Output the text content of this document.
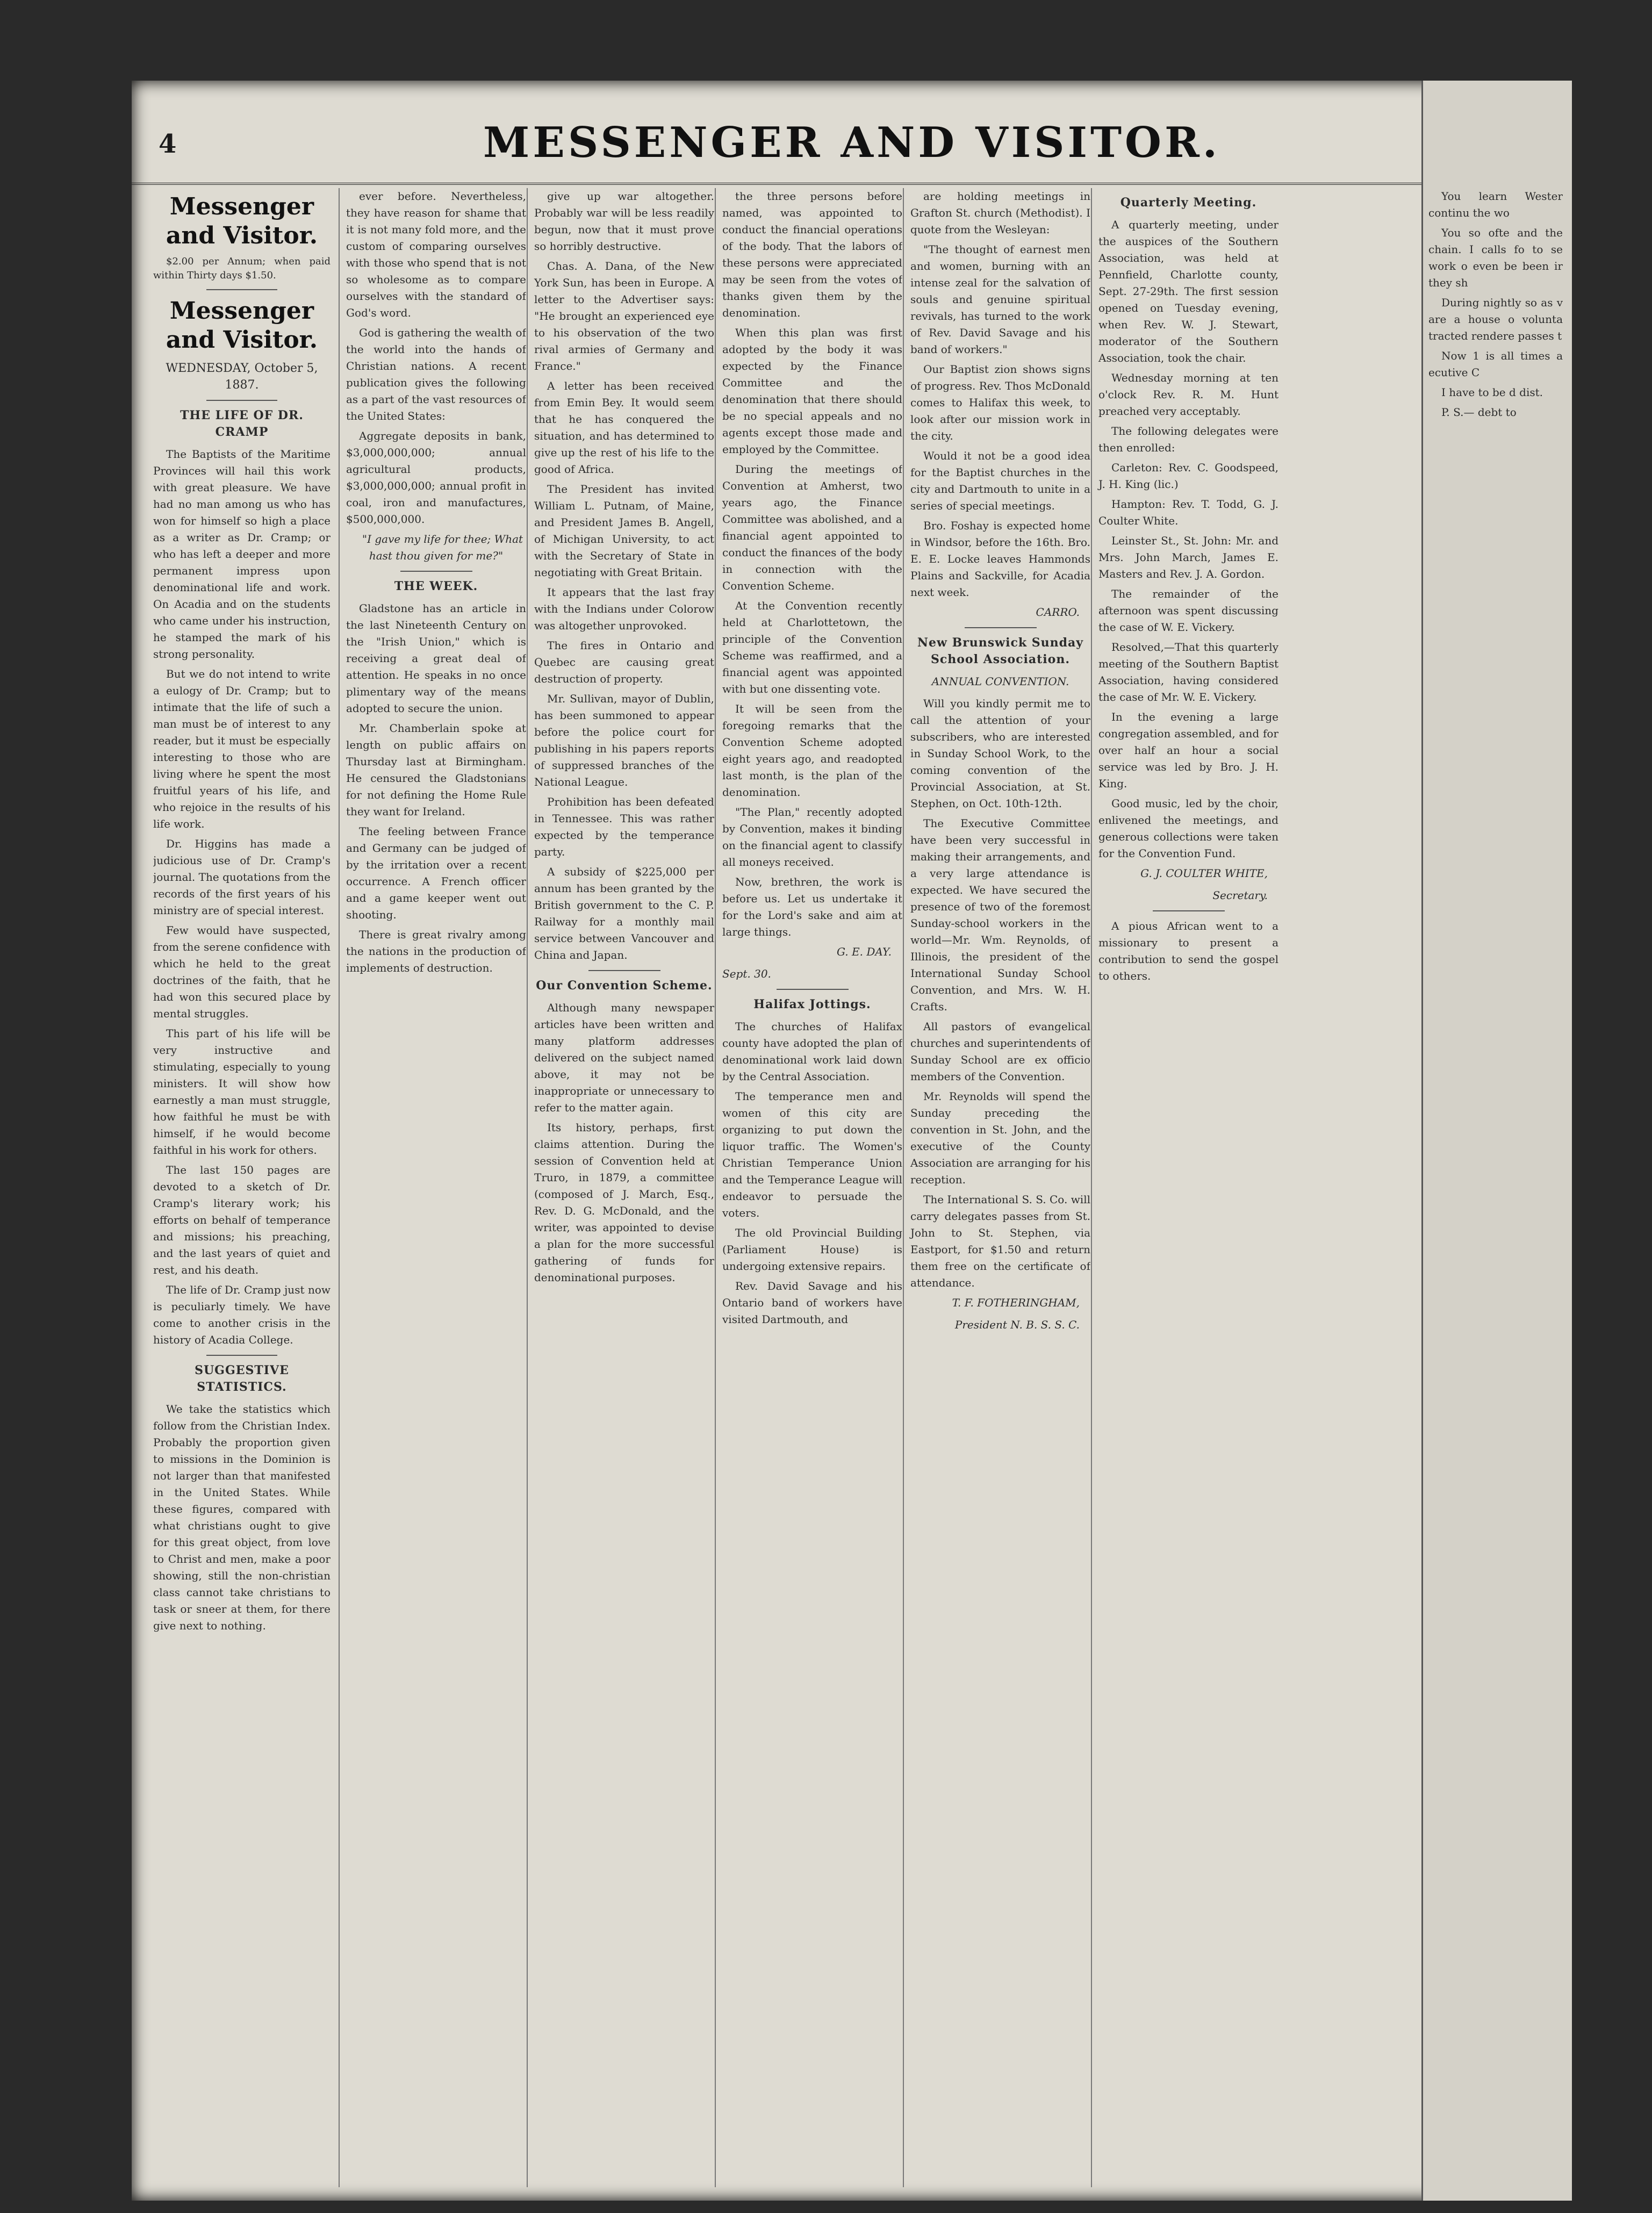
4	MESSENGER AND VISITOR.
Messenger and Visitor.

$2.00 per Annum; when paid within Thirty days $1.50.

Messenger and Visitor.
WEDNESDAY, October 5, 1887.
THE LIFE OF DR. CRAMP

The Baptists of the Maritime Provinces will hail this work with great pleasure. We have had no man among us who has won for himself so high a place as a writer as Dr. Cramp; or who has left a deeper and more permanent impress upon denominational life and work. On Acadia and on the students who came under his instruction, he stamped the mark of his strong personality.

But we do not intend to write a eulogy of Dr. Cramp; but to intimate that the life of such a man must be of interest to any reader, but it must be especially interesting to those who are living where he spent the most fruitful years of his life, and who rejoice in the results of his life work.

Dr. Higgins has made a judicious use of Dr. Cramp's journal. The quotations from the records of the first years of his ministry are of special interest.

Few would have suspected, from the serene confidence with which he held to the great doctrines of the faith, that he had won this secured place by mental struggles.

This part of his life will be very instructive and stimulating, especially to young ministers. It will show how earnestly a man must struggle, how faithful he must be with himself, if he would become faithful in his work for others.

The last 150 pages are devoted to a sketch of Dr. Cramp's literary work; his efforts on behalf of temperance and missions; his preaching, and the last years of quiet and rest, and his death.

The life of Dr. Cramp just now is peculiarly timely. We have come to another crisis in the history of Acadia College.

SUGGESTIVE STATISTICS.

We take the statistics which follow from the Christian Index. Probably the proportion given to missions in the Dominion is not larger than that manifested in the United States. While these figures, compared with what christians ought to give for this great object, from love to Christ and men, make a poor showing, still the non-christian class cannot take christians to task or sneer at them, for there give next to nothing.

ever before. Nevertheless, they have reason for shame that it is not many fold more, and the custom of comparing ourselves with those who spend that is not so wholesome as to compare ourselves with the standard of God's word.

God is gathering the wealth of the world into the hands of Christian nations. A recent publication gives the following as a part of the vast resources of the United States:

Aggregate deposits in bank, $3,000,000,000; annual agricultural products, $3,000,000,000; annual profit in coal, iron and manufactures, $500,000,000.

"I gave my life for thee; What hast thou given for me?"

THE WEEK.

Gladstone has an article in the last Nineteenth Century on the "Irish Union," which is receiving a great deal of attention. He speaks in no once plimentary way of the means adopted to secure the union.

Mr. Chamberlain spoke at length on public affairs on Thursday last at Birmingham. He censured the Gladstonians for not defining the Home Rule they want for Ireland.

The feeling between France and Germany can be judged of by the irritation over a recent occurrence. A French officer and a game keeper went out shooting.

There is great rivalry among the nations in the production of implements of destruction.

give up war altogether. Probably war will be less readily begun, now that it must prove so horribly destructive.

Chas. A. Dana, of the New York Sun, has been in Europe. A letter to the Advertiser says: "He brought an experienced eye to his observation of the two rival armies of Germany and France."

A letter has been received from Emin Bey. It would seem that he has conquered the situation, and has determined to give up the rest of his life to the good of Africa.

The President has invited William L. Putnam, of Maine, and President James B. Angell, of Michigan University, to act with the Secretary of State in negotiating with Great Britain.

It appears that the last fray with the Indians under Colorow was altogether unprovoked.

The fires in Ontario and Quebec are causing great destruction of property.

Mr. Sullivan, mayor of Dublin, has been summoned to appear before the police court for publishing in his papers reports of suppressed branches of the National League.

Prohibition has been defeated in Tennessee. This was rather expected by the temperance party.

A subsidy of $225,000 per annum has been granted by the British government to the C. P. Railway for a monthly mail service between Vancouver and China and Japan.

Our Convention Scheme.

Although many newspaper articles have been written and many platform addresses delivered on the subject named above, it may not be inappropriate or unnecessary to refer to the matter again.

Its history, perhaps, first claims attention. During the session of Convention held at Truro, in 1879, a committee (composed of J. March, Esq., Rev. D. G. McDonald, and the writer, was appointed to devise a plan for the more successful gathering of funds for denominational purposes.

the three persons before named, was appointed to conduct the financial operations of the body. That the labors of these persons were appreciated may be seen from the votes of thanks given them by the denomination.

When this plan was first adopted by the body it was expected by the Finance Committee and the denomination that there should be no special appeals and no agents except those made and employed by the Committee.

During the meetings of Convention at Amherst, two years ago, the Finance Committee was abolished, and a financial agent appointed to conduct the finances of the body in connection with the Convention Scheme.

At the Convention recently held at Charlottetown, the principle of the Convention Scheme was reaffirmed, and a financial agent was appointed with but one dissenting vote.

It will be seen from the foregoing remarks that the Convention Scheme adopted eight years ago, and readopted last month, is the plan of the denomination.

"The Plan," recently adopted by Convention, makes it binding on the financial agent to classify all moneys received.

Now, brethren, the work is before us. Let us undertake it for the Lord's sake and aim at large things.

G. E. DAY.
Sept. 30.
Halifax Jottings.

The churches of Halifax county have adopted the plan of denominational work laid down by the Central Association.

The temperance men and women of this city are organizing to put down the liquor traffic. The Women's Christian Temperance Union and the Temperance League will endeavor to persuade the voters.

The old Provincial Building (Parliament House) is undergoing extensive repairs.

Rev. David Savage and his Ontario band of workers have visited Dartmouth, and

are holding meetings in Grafton St. church (Methodist). I quote from the Wesleyan:

"The thought of earnest men and women, burning with an intense zeal for the salvation of souls and genuine spiritual revivals, has turned to the work of Rev. David Savage and his band of workers."

Our Baptist zion shows signs of progress. Rev. Thos McDonald comes to Halifax this week, to look after our mission work in the city.

Would it not be a good idea for the Baptist churches in the city and Dartmouth to unite in a series of special meetings.

Bro. Foshay is expected home in Windsor, before the 16th. Bro. E. E. Locke leaves Hammonds Plains and Sackville, for Acadia next week.

CARRO.
New Brunswick Sunday School Association.
ANNUAL CONVENTION.

Will you kindly permit me to call the attention of your subscribers, who are interested in Sunday School Work, to the coming convention of the Provincial Association, at St. Stephen, on Oct. 10th-12th.

The Executive Committee have been very successful in making their arrangements, and a very large attendance is expected. We have secured the presence of two of the foremost Sunday-school workers in the world—Mr. Wm. Reynolds, of Illinois, the president of the International Sunday School Convention, and Mrs. W. H. Crafts.

All pastors of evangelical churches and superintendents of Sunday School are ex officio members of the Convention.

Mr. Reynolds will spend the Sunday preceding the convention in St. John, and the executive of the County Association are arranging for his reception.

The International S. S. Co. will carry delegates passes from St. John to St. Stephen, via Eastport, for $1.50 and return them free on the certificate of attendance.

T. F. FOTHERINGHAM,
President N. B. S. S. C.
Quarterly Meeting.

A quarterly meeting, under the auspices of the Southern Association, was held at Pennfield, Charlotte county, Sept. 27-29th. The first session opened on Tuesday evening, when Rev. W. J. Stewart, moderator of the Southern Association, took the chair.

Wednesday morning at ten o'clock Rev. R. M. Hunt preached very acceptably.

The following delegates were then enrolled:

Carleton: Rev. C. Goodspeed, J. H. King (lic.)

Hampton: Rev. T. Todd, G. J. Coulter White.

Leinster St., St. John: Mr. and Mrs. John March, James E. Masters and Rev. J. A. Gordon.

The remainder of the afternoon was spent discussing the case of W. E. Vickery.

Resolved,—That this quarterly meeting of the Southern Baptist Association, having considered the case of Mr. W. E. Vickery.

In the evening a large congregation assembled, and for over half an hour a social service was led by Bro. J. H. King.

Good music, led by the choir, enlivened the meetings, and generous collections were taken for the Convention Fund.

G. J. COULTER WHITE,
Secretary.

A pious African went to a missionary to present a contribution to send the gospel to others.

You learn Wester continu the wo

You so ofte and the chain. I calls fo to se work o even be been ir they sh

During nightly so as v are a house o volunta tracted rendere passes t

Now 1 is all times a ecutive C

I have to be d dist.

P. S.— debt to
